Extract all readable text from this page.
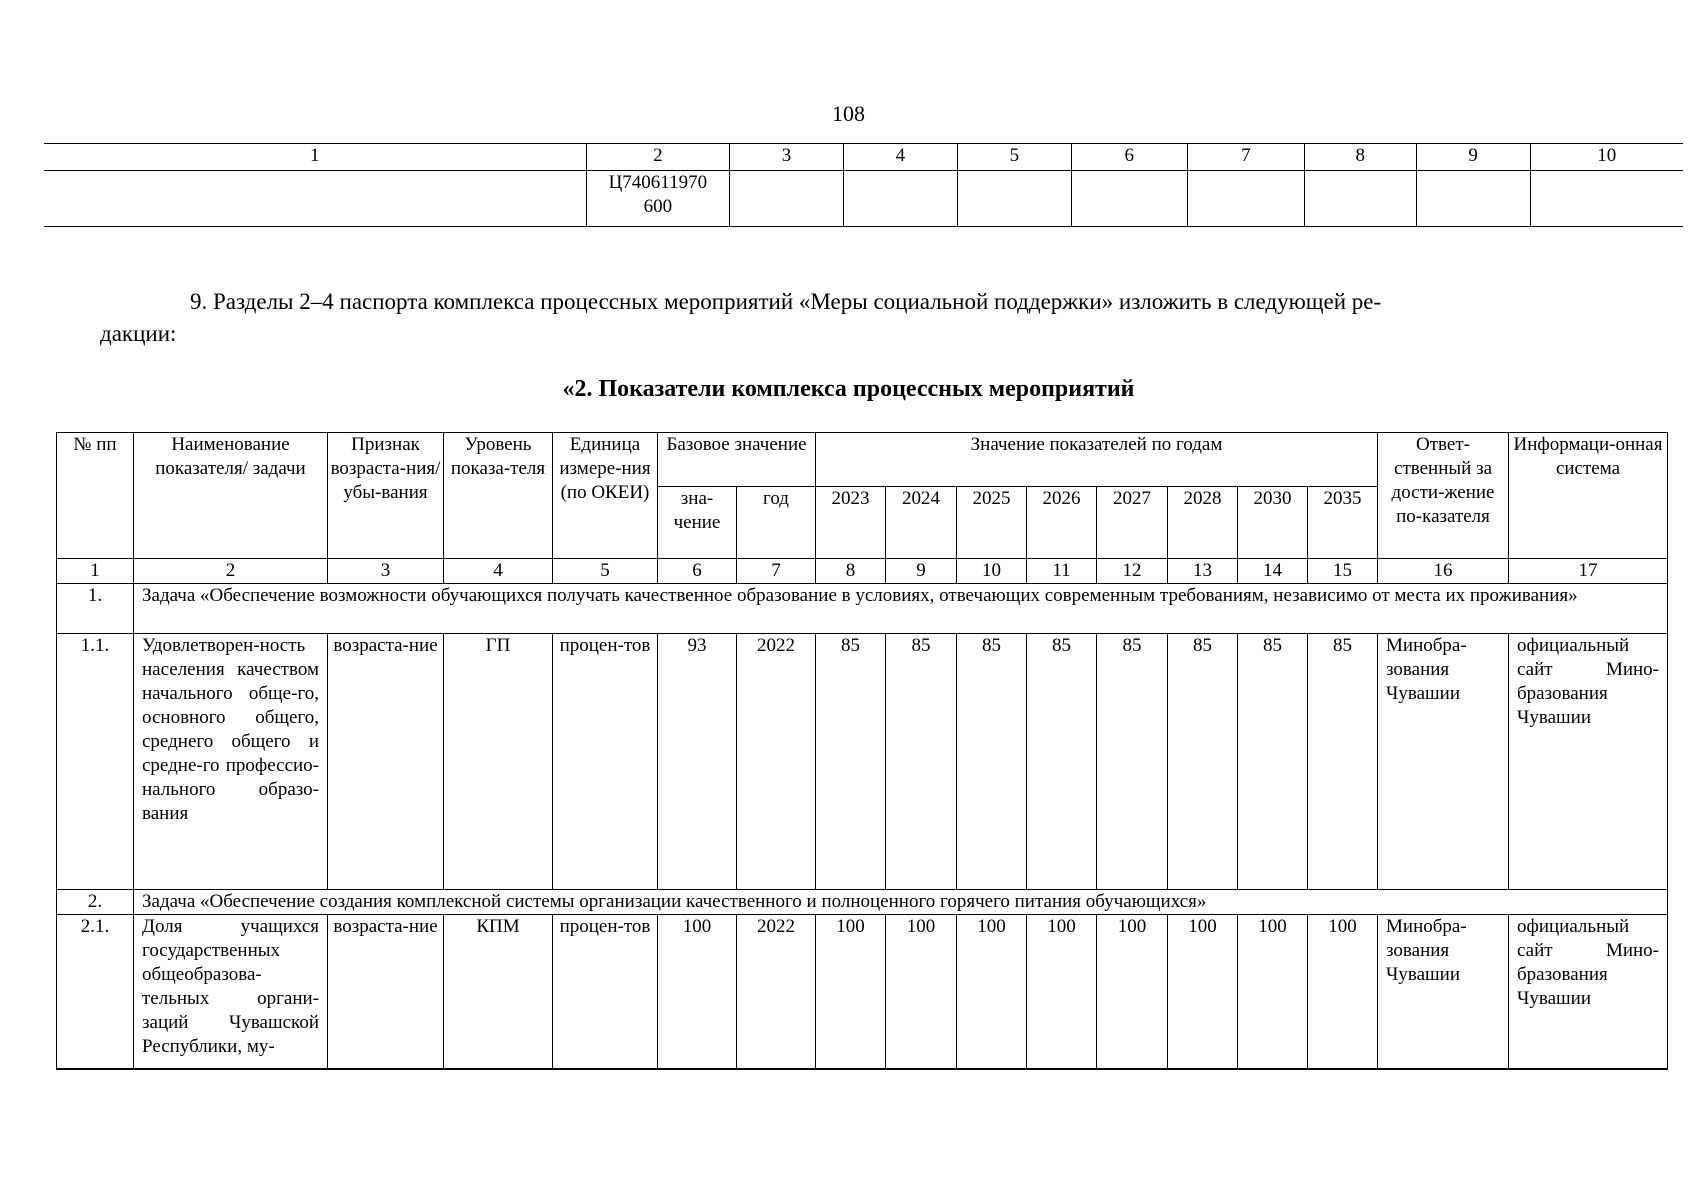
108
1	2	3	4	5	6	7	8	9	10

	Ц740611970
600								

9. Разделы 2–4 паспорта комплекса процессных мероприятий «Меры социальной поддержки» изложить в следующей ре-

дакции:

«2. Показатели комплекса процессных мероприятий
№ пп	Наименование показателя/ задачи	Признак возраста-ния/убы-вания	Уровень показа-теля	Единица измере-ния (по ОКЕИ)	Базовое значение		Значение показателей по годам								Ответ-ственный за дости-жение по-казателя	Информаци-онная система
					зна-чение	год	2023	2024	2025	2026	2027	2028	2030	2035		
1	2	3	4	5	6	7	8	9	10	11	12	13	14	15	16	17
1.	Задача «Обеспечение возможности обучающихся получать качественное образование в условиях, отвечающих современным требованиям, независимо от места их проживания»															
1.1.	Удовлетворен-ность населения качеством начального обще-го, основного общего, среднего общего и средне-го профессио-нального образо-вания	возраста-ние	ГП	процен-тов	93	2022	85	85	85	85	85	85	85	85	Минобра-зования Чувашии	официальный сайт Мино-бразования Чувашии
2.	Задача «Обеспечение создания комплексной системы организации качественного и полноценного горячего питания обучающихся»															
2.1.	Доля учащихся государственных общеобразова-тельных органи-заций Чувашской Республики, му-	возраста-ние	КПМ	процен-тов	100	2022	100	100	100	100	100	100	100	100	Минобра-зования Чувашии	официальный сайт Мино-бразования Чувашии
